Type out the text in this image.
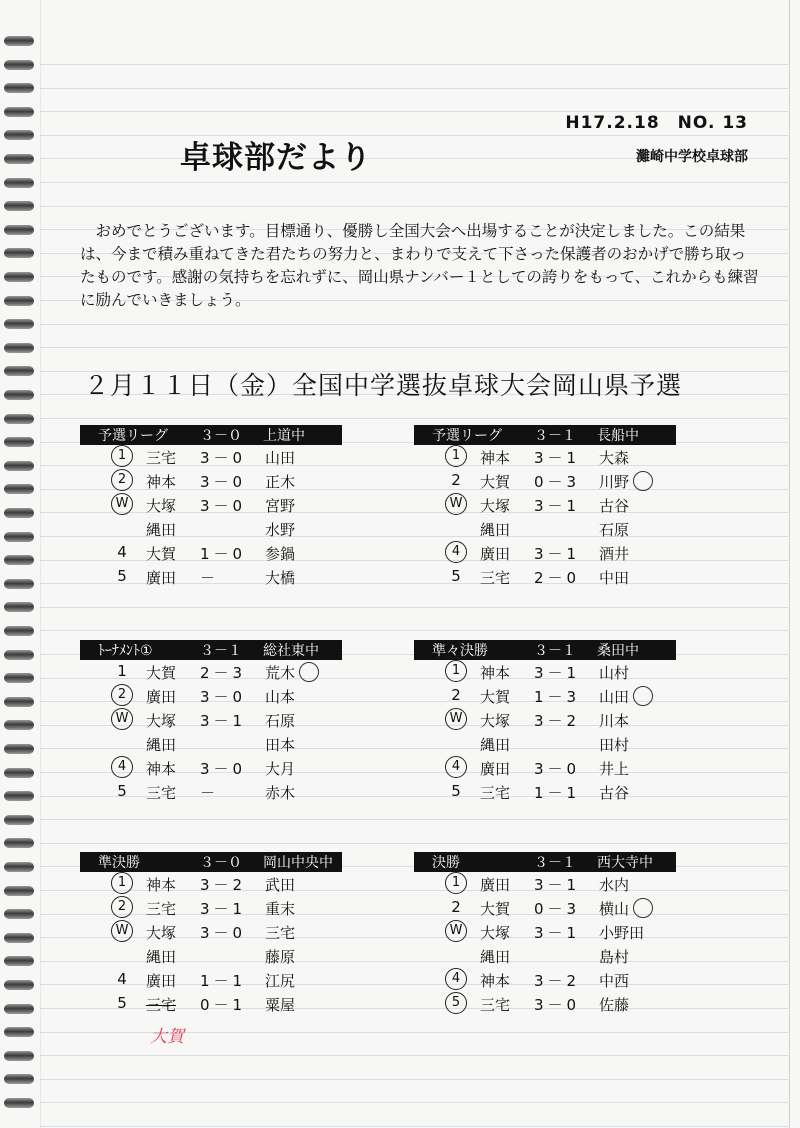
H17.2.18　NO. 13
灘崎中学校卓球部
卓球部だより
おめでとうございます。目標通り、優勝し全国大会へ出場することが決定しました。この結果は、今まで積み重ねてきた君たちの努力と、まわりで支えて下さった保護者のおかげで勝ち取ったものです。感謝の気持ちを忘れずに、岡山県ナンバー１としての誇りをもって、これからも練習に励んでいきましょう。
２月１１日（金）全国中学選抜卓球大会岡山県予選
予選リーグ ３－０ 上道中
1	三宅 3－0 山田
2	神本 3－0 正木
W	大塚 3－0 宮野
縄田	水野
4	大賀 1－0 参鍋
5	廣田 －	大橋
予選リーグ ３－１ 長船中
1	神本 3－1 大森
2	大賀 0－3 川野
W	大塚 3－1 古谷
縄田	石原
4	廣田 3－1 酒井
5	三宅 2－0 中田
ﾄｰﾅﾒﾝﾄ①	３－１ 総社東中
1	大賀 2－3 荒木
2	廣田 3－0 山本
W	大塚 3－1 石原
縄田	田本
4	神本 3－0 大月
5	三宅 －	赤木
準々決勝	３－１ 桑田中
1	神本 3－1 山村
2	大賀 1－3 山田
W	大塚 3－2 川本
縄田	田村
4	廣田 3－0 井上
5	三宅 1－1 古谷
準決勝	３－０ 岡山中央中
1	神本 3－2 武田
2	三宅 3－1 重末
W	大塚 3－0 三宅
縄田	藤原
4	廣田 1－1 江尻
5	三宅 0－1 粟屋
決勝	３－１ 西大寺中
1	廣田 3－1 水内
2	大賀 0－3 横山
W	大塚 3－1 小野田
縄田	島村
4	神本 3－2 中西
5	三宅 3－0 佐藤
大賀
